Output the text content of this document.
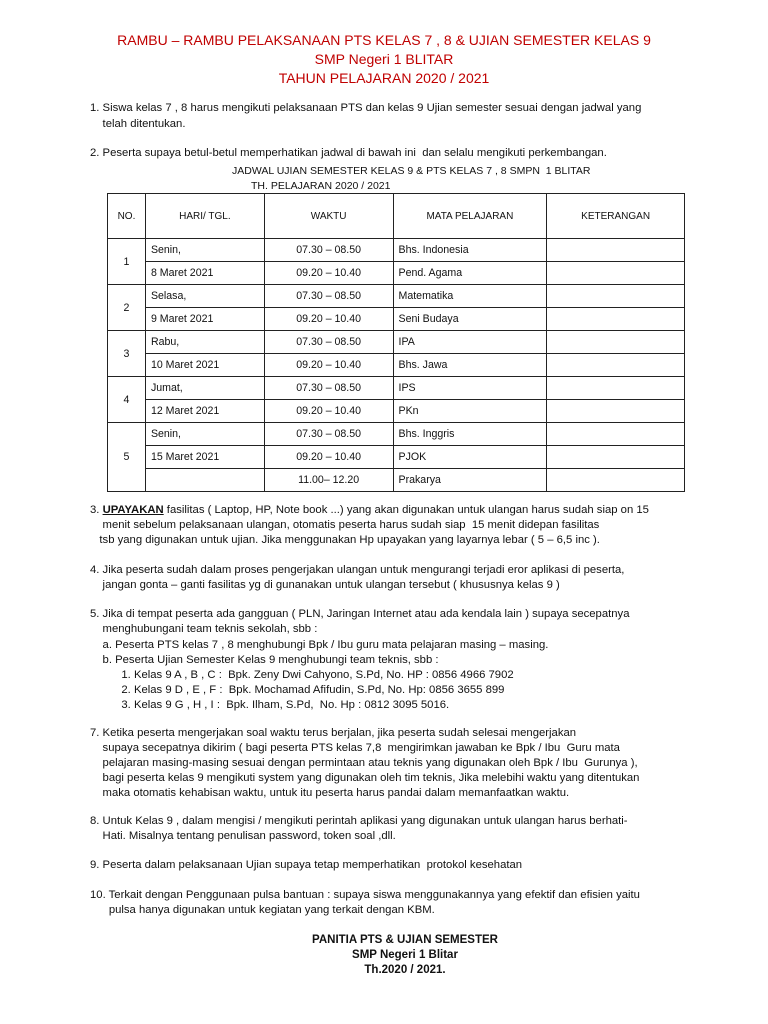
RAMBU – RAMBU PELAKSANAAN PTS KELAS 7 , 8 & UJIAN SEMESTER KELAS 9
SMP Negeri 1 BLITAR
TAHUN PELAJARAN 2020 / 2021
1. Siswa kelas 7 , 8 harus mengikuti pelaksanaan PTS dan kelas 9 Ujian semester sesuai dengan jadwal yang
telah ditentukan.
2. Peserta supaya betul-betul memperhatikan jadwal di bawah ini  dan selalu mengikuti perkembangan.
JADWAL UJIAN SEMESTER KELAS 9 & PTS KELAS 7 , 8 SMPN  1 BLITAR
TH. PELAJARAN 2020 / 2021
NO.	HARI/ TGL.	WAKTU	MATA PELAJARAN	KETERANGAN
1	Senin,	07.30 – 08.50	Bhs. Indonesia	
	8 Maret 2021	09.20 – 10.40	Pend. Agama	
2	Selasa,	07.30 – 08.50	Matematika	
	9 Maret 2021	09.20 – 10.40	Seni Budaya	
3	Rabu,	07.30 – 08.50	IPA	
	10 Maret 2021	09.20 – 10.40	Bhs. Jawa	
4	Jumat,	07.30 – 08.50	IPS	
	12 Maret 2021	09.20 – 10.40	PKn	
5	Senin,	07.30 – 08.50	Bhs. Inggris	
	15 Maret 2021	09.20 – 10.40	PJOK	
		11.00– 12.20	Prakarya	
3. UPAYAKAN fasilitas ( Laptop, HP, Note book ...) yang akan digunakan untuk ulangan harus sudah siap on 15
menit sebelum pelaksanaan ulangan, otomatis peserta harus sudah siap  15 menit didepan fasilitas
tsb yang digunakan untuk ujian. Jika menggunakan Hp upayakan yang layarnya lebar ( 5 – 6,5 inc ).
4. Jika peserta sudah dalam proses pengerjakan ulangan untuk mengurangi terjadi eror aplikasi di peserta,
jangan gonta – ganti fasilitas yg di gunanakan untuk ulangan tersebut ( khususnya kelas 9 )
5. Jika di tempat peserta ada gangguan ( PLN, Jaringan Internet atau ada kendala lain ) supaya secepatnya
menghubungani team teknis sekolah, sbb :
a. Peserta PTS kelas 7 , 8 menghubungi Bpk / Ibu guru mata pelajaran masing – masing.
b. Peserta Ujian Semester Kelas 9 menghubungi team teknis, sbb :
1. Kelas 9 A , B , C :  Bpk. Zeny Dwi Cahyono, S.Pd, No. HP : 0856 4966 7902
2. Kelas 9 D , E , F :  Bpk. Mochamad Afifudin, S.Pd, No. Hp: 0856 3655 899
3. Kelas 9 G , H , I :  Bpk. Ilham, S.Pd,  No. Hp : 0812 3095 5016.
7. Ketika peserta mengerjakan soal waktu terus berjalan, jika peserta sudah selesai mengerjakan
supaya secepatnya dikirim ( bagi peserta PTS kelas 7,8  mengirimkan jawaban ke Bpk / Ibu  Guru mata
pelajaran masing-masing sesuai dengan permintaan atau teknis yang digunakan oleh Bpk / Ibu  Gurunya ),
bagi peserta kelas 9 mengikuti system yang digunakan oleh tim teknis, Jika melebihi waktu yang ditentukan
maka otomatis kehabisan waktu, untuk itu peserta harus pandai dalam memanfaatkan waktu.
8. Untuk Kelas 9 , dalam mengisi / mengikuti perintah aplikasi yang digunakan untuk ulangan harus berhati-
Hati. Misalnya tentang penulisan password, token soal ,dll.
9. Peserta dalam pelaksanaan Ujian supaya tetap memperhatikan  protokol kesehatan
10. Terkait dengan Penggunaan pulsa bantuan : supaya siswa menggunakannya yang efektif dan efisien yaitu
pulsa hanya digunakan untuk kegiatan yang terkait dengan KBM.
PANITIA PTS & UJIAN SEMESTER
SMP Negeri 1 Blitar
Th.2020 / 2021.
